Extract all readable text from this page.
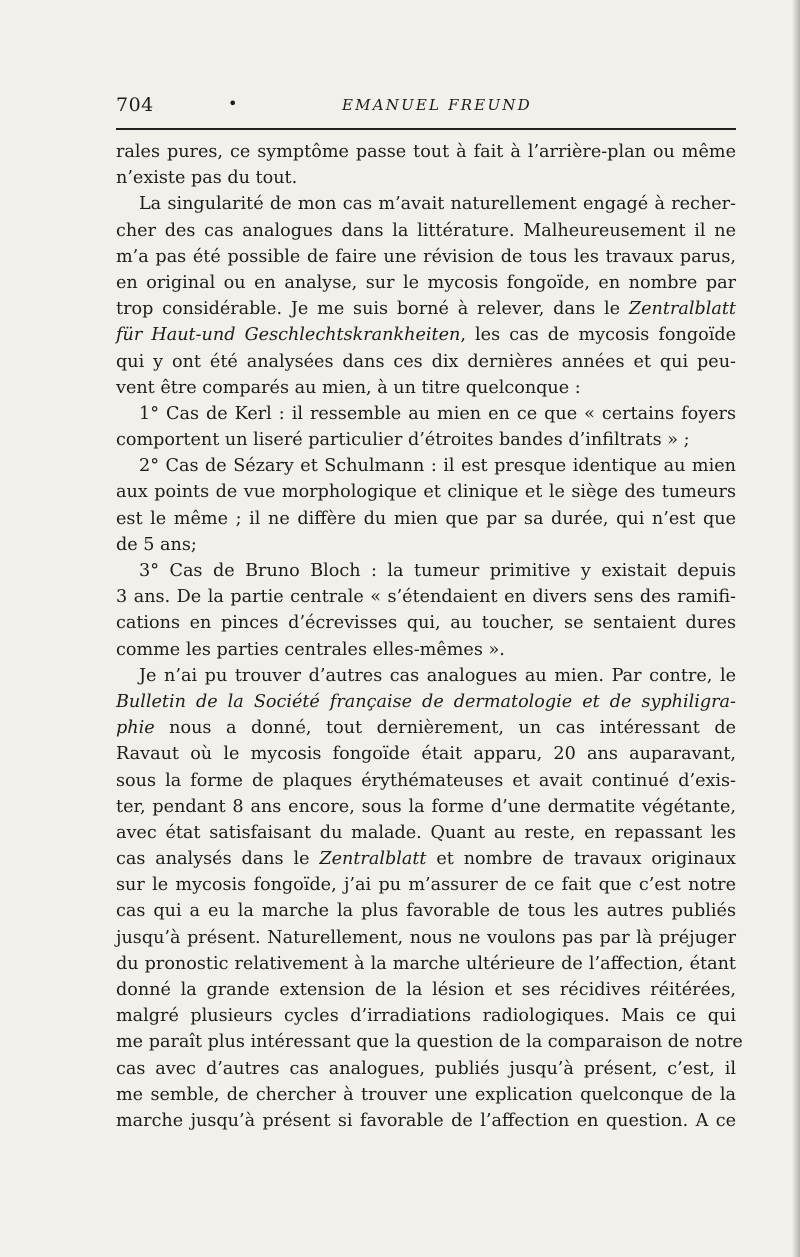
704	•	EMANUEL FREUND
rales pures, ce symptôme passe tout à fait à l’arrière-plan ou même
n’existe pas du tout.
La singularité de mon cas m’avait naturellement engagé à recher-
cher des cas analogues dans la littérature. Malheureusement il ne
m’a pas été possible de faire une révision de tous les travaux parus,
en original ou en analyse, sur le mycosis fongoïde, en nombre par
trop considérable. Je me suis borné à relever, dans le Zentralblatt
für Haut-und Geschlechtskrankheiten, les cas de mycosis fongoïde
qui y ont été analysées dans ces dix dernières années et qui peu-
vent être comparés au mien, à un titre quelconque :
1° Cas de Kerl : il ressemble au mien en ce que « certains foyers
comportent un liseré particulier d’étroites bandes d’infiltrats » ;
2° Cas de Sézary et Schulmann : il est presque identique au mien
aux points de vue morphologique et clinique et le siège des tumeurs
est le même ; il ne diffère du mien que par sa durée, qui n’est que
de 5 ans;
3° Cas de Bruno Bloch : la tumeur primitive y existait depuis
3 ans. De la partie centrale « s’étendaient en divers sens des ramifi-
cations en pinces d’écrevisses qui, au toucher, se sentaient dures
comme les parties centrales elles-mêmes ».
Je n’ai pu trouver d’autres cas analogues au mien. Par contre, le
Bulletin de la Société française de dermatologie et de syphiligra-
phie nous a donné, tout dernièrement, un cas intéressant de
Ravaut où le mycosis fongoïde était apparu, 20 ans auparavant,
sous la forme de plaques érythémateuses et avait continué d’exis-
ter, pendant 8 ans encore, sous la forme d’une dermatite végétante,
avec état satisfaisant du malade. Quant au reste, en repassant les
cas analysés dans le Zentralblatt et nombre de travaux originaux
sur le mycosis fongoïde, j’ai pu m’assurer de ce fait que c’est notre
cas qui a eu la marche la plus favorable de tous les autres publiés
jusqu’à présent. Naturellement, nous ne voulons pas par là préjuger
du pronostic relativement à la marche ultérieure de l’affection, étant
donné la grande extension de la lésion et ses récidives réitérées,
malgré plusieurs cycles d’irradiations radiologiques. Mais ce qui
me paraît plus intéressant que la question de la comparaison de notre
cas avec d’autres cas analogues, publiés jusqu’à présent, c’est, il
me semble, de chercher à trouver une explication quelconque de la
marche jusqu’à présent si favorable de l’affection en question. A ce
